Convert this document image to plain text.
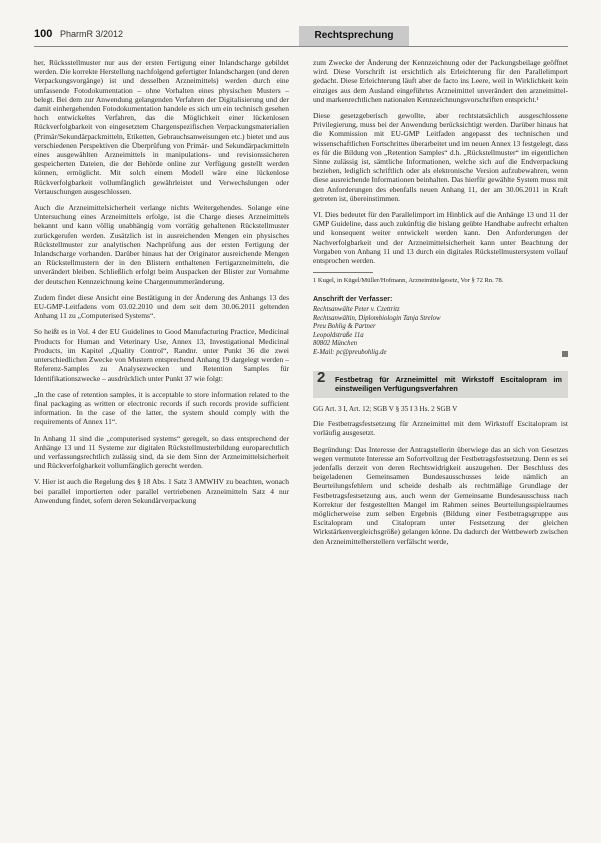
100 PharmR 3/2012	Rechtsprechung

her, Rücksstellmuster nur aus der ersten Fertigung einer Inlandscharge gebildet werden. Die korrekte Herstellung nachfolgend gefertigter Inlandschargen (und deren Verpackungsvorgänge) ist und desselben Arzneimittels) werden durch eine umfassende Fotodokumentation – ohne Vorhalten eines physischen Musters – belegt. Bei dem zur Anwendung gelangenden Verfahren der Digitalisierung und der damit einhergehenden Fotodokumentation handele es sich um ein technisch gesehen hoch entwickeltes Verfahren, das die Möglichkeit einer lückenlosen Rückverfolgbarkeit von eingesetztem Chargenspezifischen Verpackungsmaterialien (Primär/Sekundärpackmitteln, Etiketten, Gebrauchsanweisungen etc.) bietet und aus verschiedenen Perspektiven die Überprüfung von Primär- und Sekundärpackmitteln eines ausgewählten Arzneimittels in manipulations- und revisionssicheren gespeicherten Dateien, die der Behörde online zur Verfügung gestellt werden können, ermöglicht. Mit solch einem Modell wäre eine lückenlose Rückverfolgbarkeit vollumfänglich gewährleistet und Verwechslungen oder Vertauschungen ausgeschlossen.

Auch die Arzneimittelsicherheit verlange nichts Weitergehendes. Solange eine Untersuchung eines Arzneimittels erfolge, ist die Charge dieses Arzneimittels bekannt und kann völlig unabhängig vom vorrätig gehaltenen Rückstellmuster zurückgerufen werden. Zusätzlich ist in ausreichenden Mengen ein physisches Rückstellmuster zur analytischen Nachprüfung aus der ersten Fertigung der Inlandscharge vorhanden. Darüber hinaus hat der Originator ausreichende Mengen an Rückstellmustern der in den Blistern enthaltenen Fertigarzneimitteln, die unverändert bleiben. Schließlich erfolgt beim Auspacken der Blister zur Vornahme der deutschen Kennzeichnung keine Chargennummeränderung.

Zudem findet diese Ansicht eine Bestätigung in der Änderung des Anhangs 13 des EU-GMP-Leitfadens vom 03.02.2010 und dem seit dem 30.06.2011 geltenden Anhang 11 zu „Computerised Systems“.

So heißt es in Vol. 4 der EU Guidelines to Good Manufacturing Practice, Medicinal Products for Human and Veterinary Use, Annex 13, Investigational Medicinal Products, im Kapitel „Quality Control“, Randnr. unter Punkt 36 die zwei unterschiedlichen Zwecke von Mustern entsprechend Anhang 19 dargelegt werden – Referenz-Samples zu Analysezwecken und Retention Samples für Identifikationszwecke – ausdrücklich unter Punkt 37 wie folgt:

„In the case of retention samples, it is acceptable to store information related to the final packaging as written or electronic records if such records provide sufficient information. In the case of the latter, the system should comply with the requirements of Annex 11“.

In Anhang 11 sind die „computerised systems“ geregelt, so dass entsprechend der Anhänge 13 und 11 Systeme zur digitalen Rückstellmusterbildung europarechtlich und verfassungsrechtlich zulässig sind, da sie dem Sinn der Arzneimittelsicherheit und Rückverfolgbarkeit vollumfänglich gerecht werden.

V. Hier ist auch die Regelung des § 18 Abs. 1 Satz 3 AMWHV zu beachten, wonach bei parallel importierten oder parallel vertriebenen Arzneimitteln Satz 4 nur Anwendung findet, sofern deren Sekundärverpackung

zum Zwecke der Änderung der Kennzeichnung oder der Packungsbeilage geöffnet wird. Diese Vorschrift ist ersichtlich als Erleichterung für den Parallelimport gedacht. Diese Erleichterung läuft aber de facto ins Leere, weil in Wirklichkeit kein einziges aus dem Ausland eingeführtes Arzneimittel unverändert den arzneimittel- und markenrechtlichen nationalen Kennzeichnungsvorschriften entspricht.¹

Diese gesetzgeberisch gewollte, aber rechtstatsächlich ausgeschlossene Privilegierung, muss bei der Anwendung berücksichtigt werden. Darüber hinaus hat die Kommission mit EU-GMP Leitfaden angepasst des technischen und wissenschaftlichen Fortschrittes überarbeitet und im neuen Annex 13 festgelegt, dass es für die Bildung von „Retention Samples“ d.h. „Rückstellmuster“ im eigentlichen Sinne zulässig ist, sämtliche Informationen, welche sich auf die Endverpackung beziehen, lediglich schriftlich oder als elektronische Version aufzubewahren, wenn diese ausreichende Informationen beinhalten. Das hierfür gewählte System muss mit den Anforderungen des ebenfalls neuen Anhang 11, der am 30.06.2011 in Kraft getreten ist, übereinstimmen.

VI. Dies bedeutet für den Parallelimport im Hinblick auf die Anhänge 13 und 11 der GMP Guideline, dass auch zukünftig die bislang geübte Handhabe aufrecht erhalten und konsequent weiter entwickelt werden kann. Den Anforderungen der Nachverfolgbarkeit und der Arzneimittelsicherheit kann unter Beachtung der Vorgaben von Anhang 11 und 13 durch ein digitales Rückstellmustersystem vollauf entsprochen werden.

1 Kugel, in Kügel/Müller/Hofmann, Arzneimittelgesetz, Vor § 72 Rn. 78.
Anschrift der Verfasser:
Rechtsanwälte Peter v. Czettritz
Rechtsanwältin, Diplombiologin Tanja Strelow
Preu Bohlig & Partner
Leopoldstraße 11a
80802 München
E-Mail: pc@preubohlig.de
2 Festbetrag für Arzneimittel mit Wirkstoff Escitalopram im einstweiligen Verfügungsverfahren
GG Art. 3 I, Art. 12; SGB V § 35 I 3 Hs. 2 SGB V
Die Festbetragsfestsetzung für Arzneimittel mit dem Wirkstoff Escitalopram ist vorläufig ausgesetzt.

Begründung: Das Interesse der Antragstellerin überwiege das an sich von Gesetzes wegen vermutete Interesse am Sofortvollzug der Festbetragsfestsetzung. Denn es sei jedenfalls derzeit von deren Rechtswidrigkeit auszugehen. Der Beschluss des beigeladenen Gemeinsamen Bundesausschusses leide nämlich an Beurteilungsfehlern und scheide deshalb als rechtmäßige Grundlage der Festbetragsfestsetzung aus, auch wenn der Gemeinsame Bundesausschuss nach Korrektur der festgestellten Mangel im Rahmen seines Beurteilungsspielraumes möglicherweise zum selben Ergebnis (Bildung einer Festbetragsgruppe aus Escitalopram und Citalopram unter Festsetzung der gleichen Wirkstärkenvergleichsgröße) gelangen könne. Da dadurch der Wettbewerb zwischen den Arzneimittelherstellern verfälscht werde,
